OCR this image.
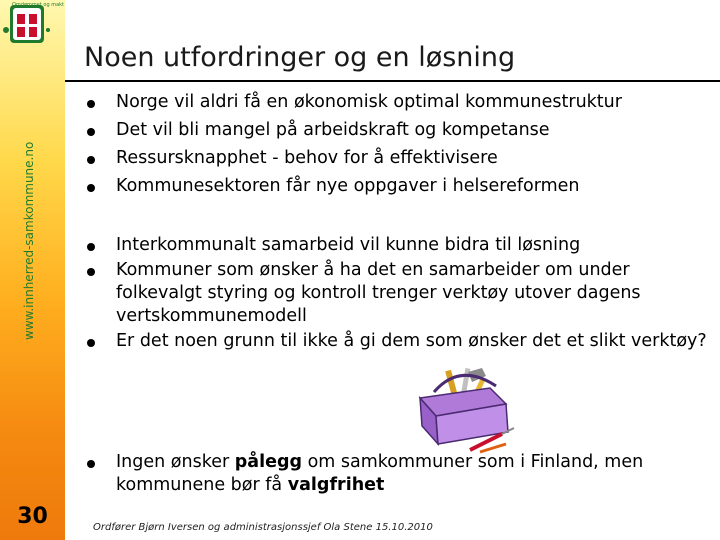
Omdømmet og makt
www.innherred-samkommune.no
30
Noen utfordringer og en løsning
Norge vil aldri få en økonomisk optimal kommunestruktur
Det vil bli mangel på arbeidskraft og kompetanse
Ressursknapphet - behov for å effektivisere
Kommunesektoren får nye oppgaver i helsereformen
Interkommunalt samarbeid vil kunne bidra til løsning
Kommuner som ønsker å ha det en samarbeider om under folkevalgt styring og kontroll trenger verktøy utover dagens vertskommunemodell
Er det noen grunn til ikke å gi dem som ønsker det et slikt verktøy?
Ingen ønsker pålegg om samkommuner som i Finland, men kommunene bør få valgfrihet
Ordfører Bjørn Iversen og administrasjonssjef Ola Stene 15.10.2010
